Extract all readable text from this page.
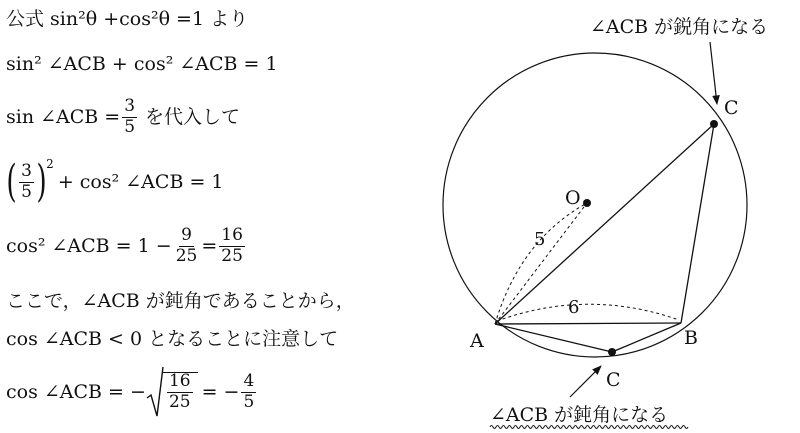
公式 sin²θ +cos²θ =1 より
sin² ∠ACB + cos² ∠ACB = 1
sin ∠ACB = $\frac{3}{5}$ を代入して
( $\frac{3}{5}$ ) 2
+ cos² ∠ACB = 1
cos² ∠ACB = $1 - \frac{9}{25} = \frac{16}{25}$
ここで，∠ACB が鈍角であることから，
cos ∠ACB < 0 となることに注意して
cos ∠ACB = − $\frac{16}{25}$ = − $\frac{4}{5}$
∠ACB が鋭角になる
C
O
5
6
A	B
C
∠ACB が鈍角になる
